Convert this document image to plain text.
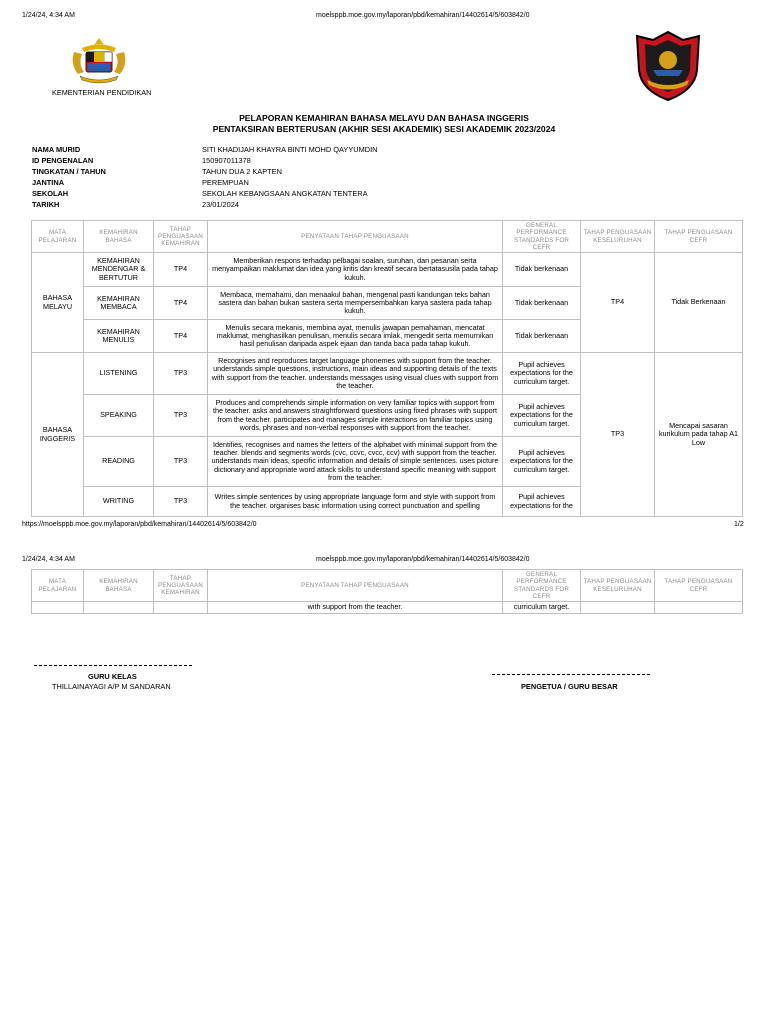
1/24/24, 4:34 AM	moelsppb.moe.gov.my/laporan/pbd/kemahiran/14402614/5/603842/0
KEMENTERIAN PENDIDIKAN
PELAPORAN KEMAHIRAN BAHASA MELAYU DAN BAHASA INGGERIS
PENTAKSIRAN BERTERUSAN (AKHIR SESI AKADEMIK) SESI AKADEMIK 2023/2024
NAMA MURID	SITI KHADIJAH KHAYRA BINTI MOHD QAYYUMDIN
ID PENGENALAN	150907011378
TINGKATAN / TAHUN	TAHUN DUA 2 KAPTEN
JANTINA	PEREMPUAN
SEKOLAH	SEKOLAH KEBANGSAAN ANGKATAN TENTERA
TARIKH	23/01/2024
MATA PELAJARAN	KEMAHIRAN BAHASA	TAHAP PENGUASAAN KEMAHIRAN	PENYATAAN TAHAP PENGUASAAN	GENERAL PERFORMANCE STANDARDS FOR CEFR	TAHAP PENGUASAAN KESELURUHAN	TAHAP PENGUASAAN CEFR
BAHASA MELAYU	KEMAHIRAN MENDENGAR & BERTUTUR	TP4	Memberikan respons terhadap pelbagai soalan, suruhan, dan pesanan serta menyampaikan maklumat dan idea yang kritis dan kreatif secara bertatasusila pada tahap kukuh.	Tidak berkenaan	TP4	Tidak Berkenaan
	KEMAHIRAN MEMBACA	TP4	Membaca, memahami, dan menaakul bahan, mengenal pasti kandungan teks bahan sastera dan bahan bukan sastera serta mempersembahkan karya sastera pada tahap kukuh.	Tidak berkenaan		
	KEMAHIRAN MENULIS	TP4	Menulis secara mekanis, membina ayat, menulis jawapan pemahaman, mencatat maklumat, menghasilkan penulisan, menulis secara imlak, mengedit serta memurnikan hasil penulisan daripada aspek ejaan dan tanda baca pada tahap kukuh.	Tidak berkenaan		
BAHASA INGGERIS	LISTENING	TP3	Recognises and reproduces target language phonemes with support from the teacher. understands simple questions, instructions, main ideas and supporting details of the texts with support from the teacher. understands messages using visual clues with support from the teacher.	Pupil achieves expectations for the curriculum target.	TP3	Mencapai sasaran kurikulum pada tahap A1 Low
	SPEAKING	TP3	Produces and comprehends simple information on very familiar topics with support from the teacher. asks and answers straightforward questions using fixed phrases with support from the teacher. participates and manages simple interactions on familiar topics using words, phrases and non-verbal responses with support from the teacher.	Pupil achieves expectations for the curriculum target.		
	READING	TP3	Identifies, recognises and names the letters of the alphabet with minimal support from the teacher. blends and segments words (cvc, ccvc, cvcc, ccv) with support from the teacher. understands main ideas, specific information and details of simple sentences. uses picture dictionary and appropriate word attack skills to understand specific meaning with support from the teacher.	Pupil achieves expectations for the curriculum target.		
	WRITING	TP3	Writes simple sentences by using appropriate language form and style with support from the teacher. organises basic information using correct punctuation and spelling	Pupil achieves expectations for the		
https://moelsppb.moe.gov.my/laporan/pbd/kemahiran/14402614/5/603842/0	1/2
1/24/24, 4:34 AM	moelsppb.moe.gov.my/laporan/pbd/kemahiran/14402614/5/603842/0
MATA PELAJARAN	KEMAHIRAN BAHASA	TAHAP PENGUASAAN KEMAHIRAN	PENYATAAN TAHAP PENGUASAAN	GENERAL PERFORMANCE STANDARDS FOR CEFR	TAHAP PENGUASAAN KESELURUHAN	TAHAP PENGUASAAN CEFR
			with support from the teacher.	curriculum target.		
GURU KELAS
THILLAINAYAGI A/P M SANDARAN	PENGETUA / GURU BESAR
